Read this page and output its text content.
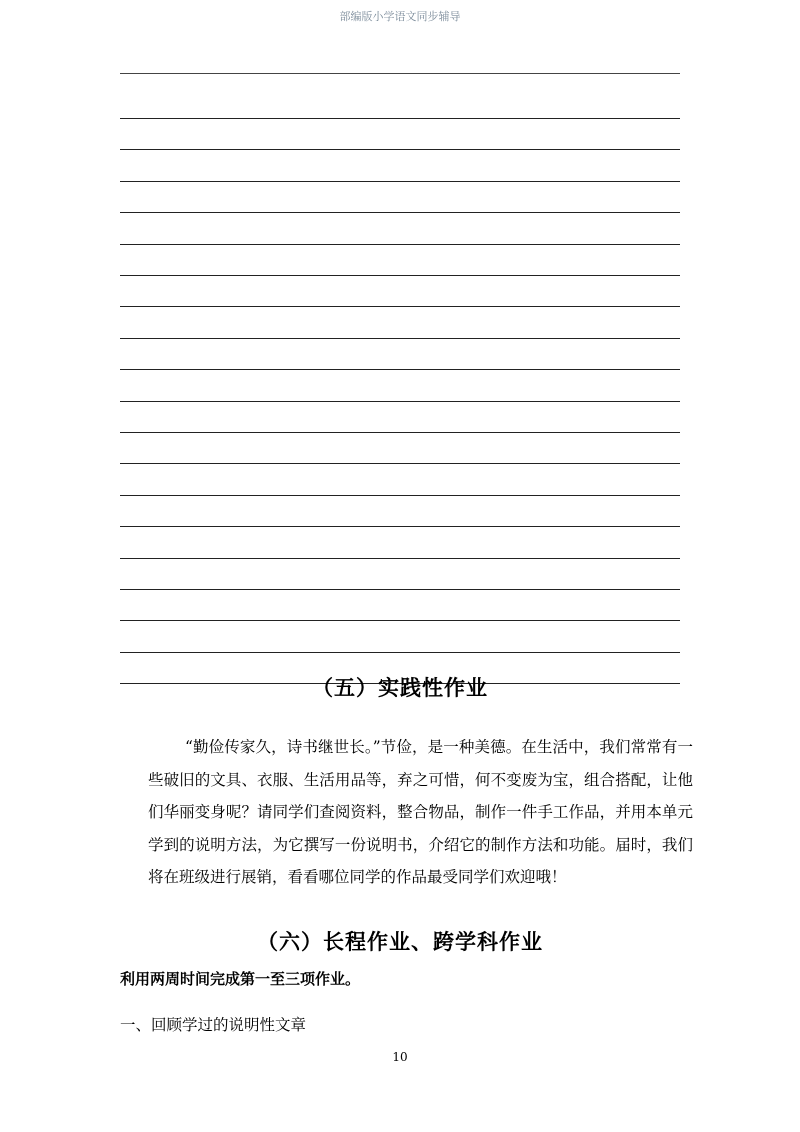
部编版小学语文同步辅导
（五）实践性作业
“勤俭传家久，诗书继世长。”节俭，是一种美德。在生活中，我们常常有一些破旧的文具、衣服、生活用品等，弃之可惜，何不变废为宝，组合搭配，让他们华丽变身呢？请同学们查阅资料，整合物品，制作一件手工作品，并用本单元学到的说明方法，为它撰写一份说明书，介绍它的制作方法和功能。届时，我们将在班级进行展销，看看哪位同学的作品最受同学们欢迎哦！
（六）长程作业、跨学科作业
利用两周时间完成第一至三项作业。
一、回顾学过的说明性文章
10
